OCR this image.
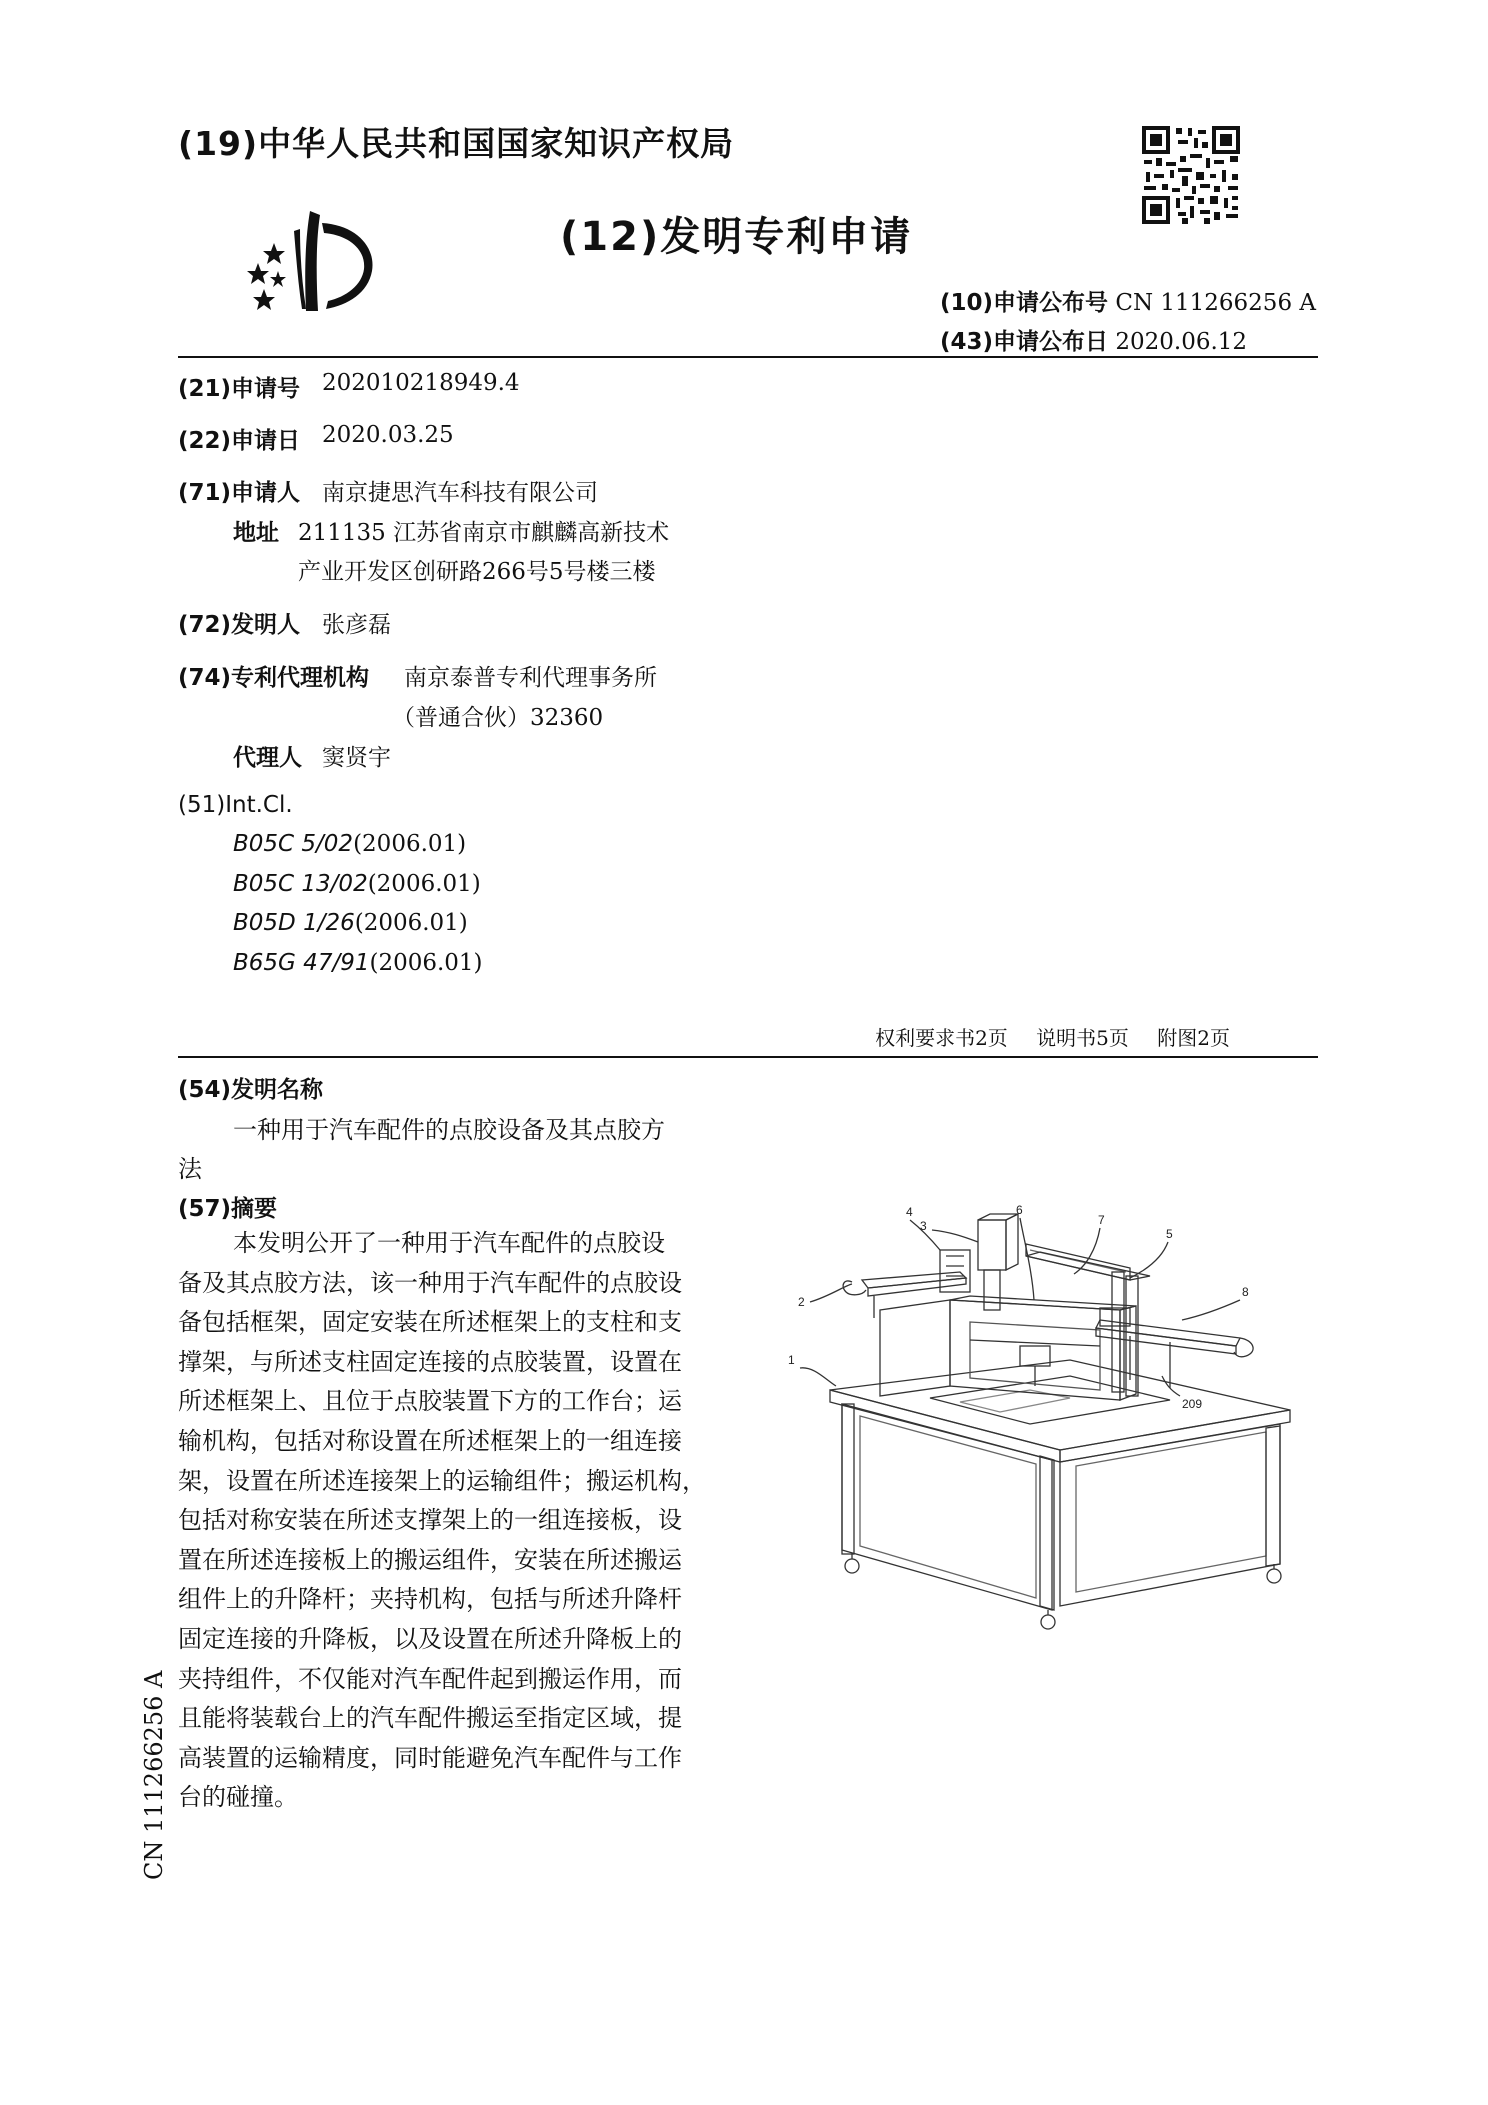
(19)中华人民共和国国家知识产权局
(12)发明专利申请
(10)申请公布号 CN 111266256 A
(43)申请公布日 2020.06.12
(21)申请号 202010218949.4
(22)申请日 2020.03.25
(71)申请人 南京捷思汽车科技有限公司
地址 211135 江苏省南京市麒麟高新技术
产业开发区创研路266号5号楼三楼
(72)发明人 张彦磊
(74)专利代理机构 南京泰普专利代理事务所
（普通合伙）32360
代理人 窦贤宇
(51)Int.Cl.
B05C 5/02(2006.01)
B05C 13/02(2006.01)
B05D 1/26(2006.01)
B65G 47/91(2006.01)
权利要求书2页 说明书5页 附图2页
(54)发明名称
一种用于汽车配件的点胶设备及其点胶方
法
(57)摘要
本发明公开了一种用于汽车配件的点胶设
备及其点胶方法，该一种用于汽车配件的点胶设
备包括框架，固定安装在所述框架上的支柱和支
撑架，与所述支柱固定连接的点胶装置，设置在
所述框架上、且位于点胶装置下方的工作台；运
输机构，包括对称设置在所述框架上的一组连接
架，设置在所述连接架上的运输组件；搬运机构，
包括对称安装在所述支撑架上的一组连接板，设
置在所述连接板上的搬运组件，安装在所述搬运
组件上的升降杆；夹持机构，包括与所述升降杆
固定连接的升降板，以及设置在所述升降板上的
夹持组件，不仅能对汽车配件起到搬运作用，而
且能将装载台上的汽车配件搬运至指定区域，提
高装置的运输精度，同时能避免汽车配件与工作
台的碰撞。
1
2
3
4	6
7
5
8
209
CN 111266256 A
